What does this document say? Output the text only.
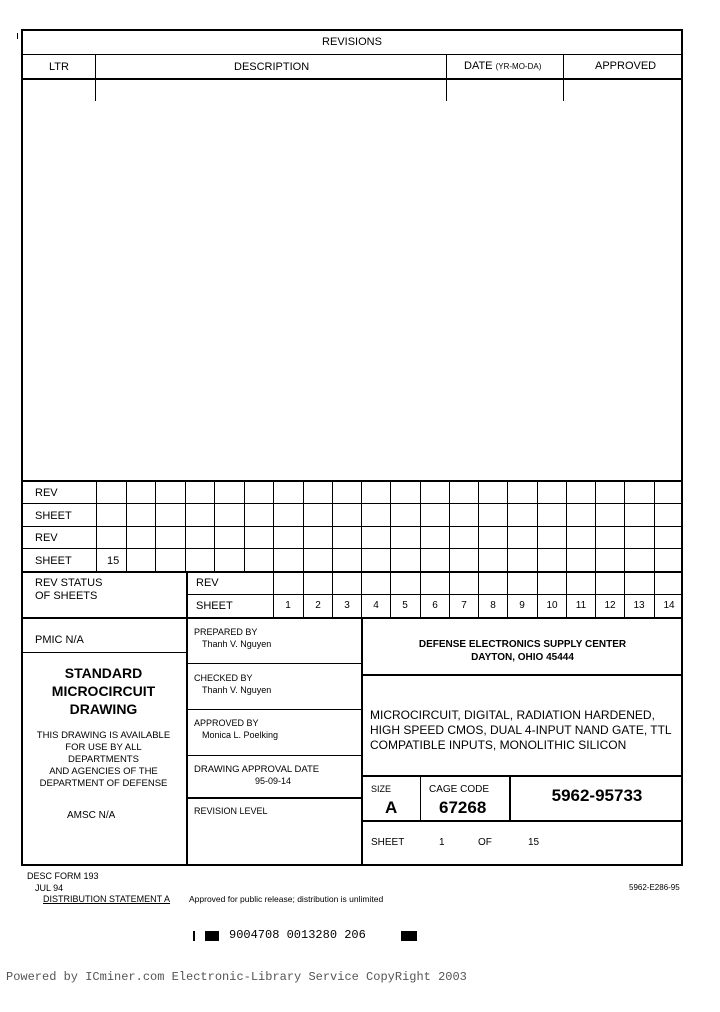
REVISIONS
LTR	DESCRIPTION	DATE (YR-MO-DA)	APPROVED
REV
SHEET
REV
SHEET	15
REV STATUS
OF SHEETS
REV
SHEET	1	2	3	4	5	6	7	8	9	10	11	12	13	14
PMIC N/A
STANDARD
MICROCIRCUIT
DRAWING
THIS DRAWING IS AVAILABLE
FOR USE BY ALL
DEPARTMENTS
AND AGENCIES OF THE
DEPARTMENT OF DEFENSE
AMSC N/A
PREPARED BY
Thanh V. Nguyen
CHECKED BY
Thanh V. Nguyen
APPROVED BY
Monica L. Poelking
DRAWING APPROVAL DATE
95-09-14
REVISION LEVEL
DEFENSE ELECTRONICS SUPPLY CENTER
DAYTON, OHIO 45444
MICROCIRCUIT, DIGITAL, RADIATION HARDENED,
HIGH SPEED CMOS, DUAL 4-INPUT NAND GATE, TTL
COMPATIBLE INPUTS, MONOLITHIC SILICON
SIZE
A
CAGE CODE
67268
5962-95733
SHEET	1	OF	15
DESC FORM 193
JUL 94
DISTRIBUTION STATEMENT A Approved for public release; distribution is unlimited
5962-E286-95
9004708 0013280 206
Powered by ICminer.com Electronic-Library Service CopyRight 2003
